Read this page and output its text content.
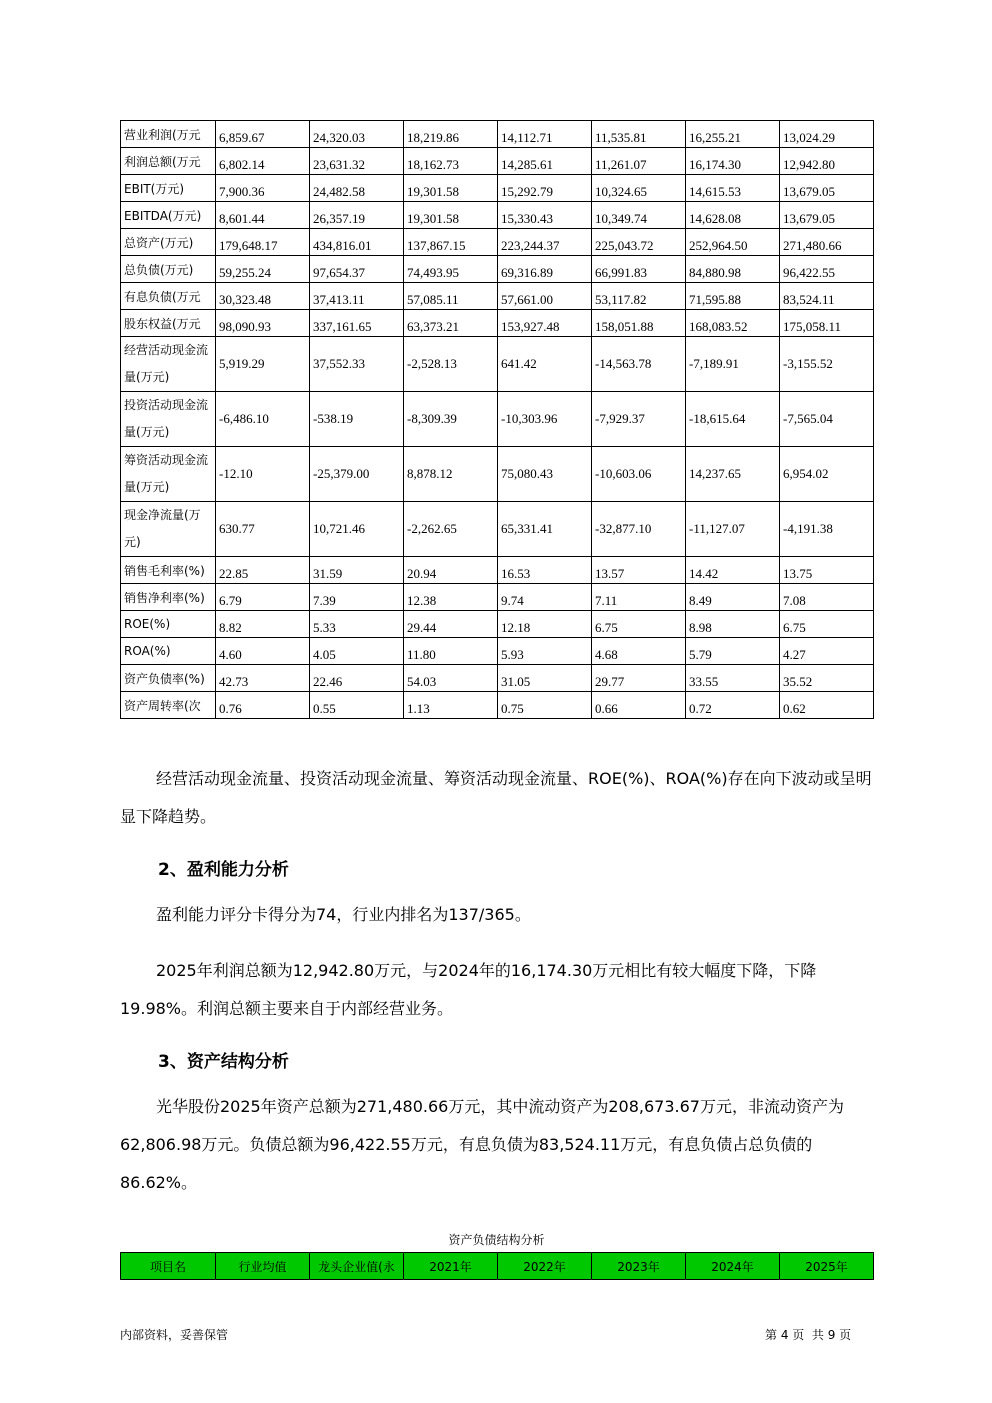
营业利润(万元	6,859.67	24,320.03	18,219.86	14,112.71	11,535.81	16,255.21	13,024.29
利润总额(万元	6,802.14	23,631.32	18,162.73	14,285.61	11,261.07	16,174.30	12,942.80
EBIT(万元)	7,900.36	24,482.58	19,301.58	15,292.79	10,324.65	14,615.53	13,679.05
EBITDA(万元)	8,601.44	26,357.19	19,301.58	15,330.43	10,349.74	14,628.08	13,679.05
总资产(万元)	179,648.17	434,816.01	137,867.15	223,244.37	225,043.72	252,964.50	271,480.66
总负债(万元)	59,255.24	97,654.37	74,493.95	69,316.89	66,991.83	84,880.98	96,422.55
有息负债(万元	30,323.48	37,413.11	57,085.11	57,661.00	53,117.82	71,595.88	83,524.11
股东权益(万元	98,090.93	337,161.65	63,373.21	153,927.48	158,051.88	168,083.52	175,058.11
经营活动现金流量(万元)	5,919.29	37,552.33	-2,528.13	641.42	-14,563.78	-7,189.91	-3,155.52
投资活动现金流量(万元)	-6,486.10	-538.19	-8,309.39	-10,303.96	-7,929.37	-18,615.64	-7,565.04
筹资活动现金流量(万元)	-12.10	-25,379.00	8,878.12	75,080.43	-10,603.06	14,237.65	6,954.02
现金净流量(万元)	630.77	10,721.46	-2,262.65	65,331.41	-32,877.10	-11,127.07	-4,191.38
销售毛利率(%)	22.85	31.59	20.94	16.53	13.57	14.42	13.75
销售净利率(%)	6.79	7.39	12.38	9.74	7.11	8.49	7.08
ROE(%)	8.82	5.33	29.44	12.18	6.75	8.98	6.75
ROA(%)	4.60	4.05	11.80	5.93	4.68	5.79	4.27
资产负债率(%)	42.73	22.46	54.03	31.05	29.77	33.55	35.52
资产周转率(次	0.76	0.55	1.13	0.75	0.66	0.72	0.62
经营活动现金流量、投资活动现金流量、筹资活动现金流量、ROE(%)、ROA(%)存在向下波动或呈明显下降趋势。
2、盈利能力分析
盈利能力评分卡得分为74，行业内排名为137/365。
2025年利润总额为12,942.80万元，与2024年的16,174.30万元相比有较大幅度下降，下降19.98%。利润总额主要来自于内部经营业务。
3、资产结构分析
光华股份2025年资产总额为271,480.66万元，其中流动资产为208,673.67万元，非流动资产为62,806.98万元。负债总额为96,422.55万元，有息负债为83,524.11万元，有息负债占总负债的86.62%。
资产负债结构分析
项目名	行业均值	龙头企业值(永	2021年	2022年	2023年	2024年	2025年
内部资料，妥善保管	第 4 页  共 9 页
